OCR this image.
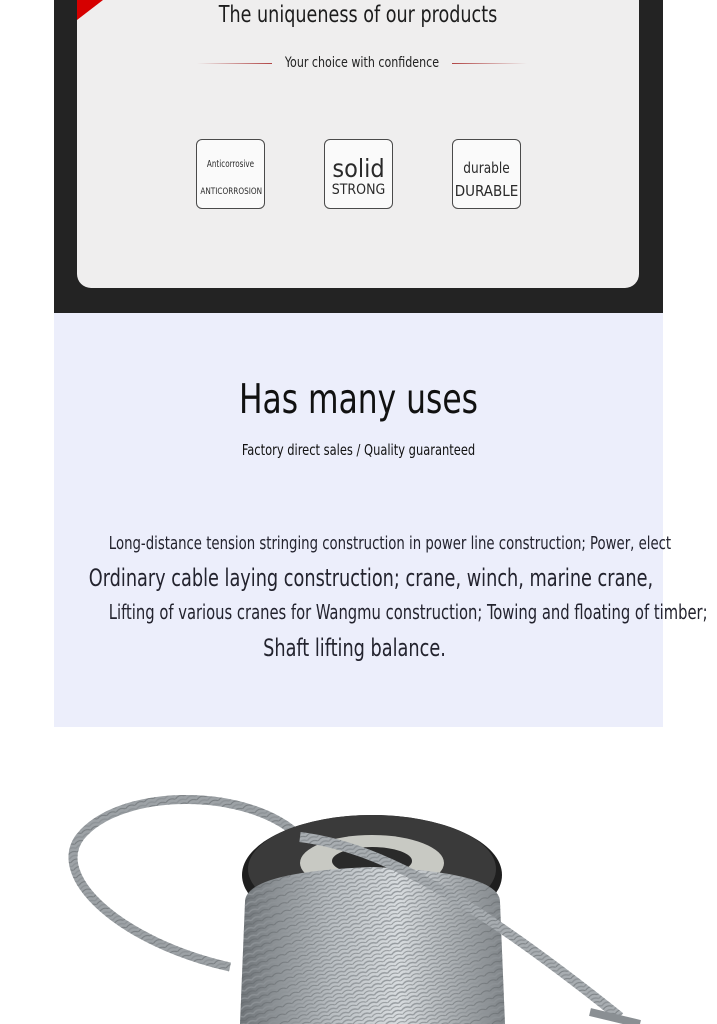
The uniqueness of our products
Your choice with confidence
Anticorrosive
ANTICORROSION
solid
STRONG
durable
DURABLE
Has many uses
Factory direct sales / Quality guaranteed
Long-distance tension stringing construction in power line construction; Power, elect
Ordinary cable laying construction; crane, winch, marine crane,
Lifting of various cranes for Wangmu construction; Towing and floating of timber;
Shaft lifting balance.
